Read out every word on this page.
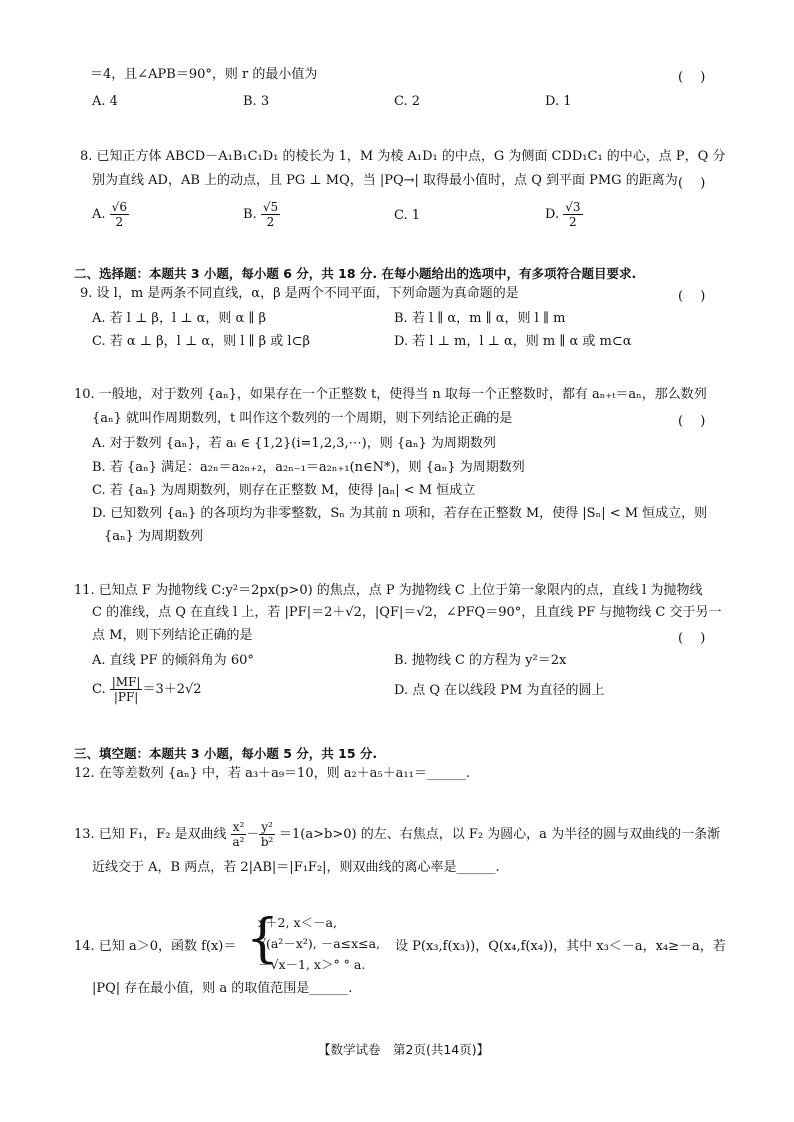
＝4，且∠APB＝90°，则 r 的最小值为	(　 )
A. 4	B. 3	C. 2	D. 1
8. 已知正方体 ABCD－A₁B₁C₁D₁ 的棱长为 1，M 为棱 A₁D₁ 的中点，G 为侧面 CDD₁C₁ 的中心，点 P，Q 分
别为直线 AD，AB 上的动点，且 PG ⊥ MQ，当 |PQ→| 取得最小值时，点 Q 到平面 PMG 的距离为 (　 )
A. $\frac{√6}{2}$	B. $\frac{√5}{2}$	C. 1	D. $\frac{√3}{2}$
二、选择题：本题共 3 小题，每小题 6 分，共 18 分. 在每小题给出的选项中，有多项符合题目要求.
9. 设 l，m 是两条不同直线，α，β 是两个不同平面，下列命题为真命题的是	(　 )
A. 若 l ⊥ β，l ⊥ α，则 α ∥ β	B. 若 l ∥ α，m ∥ α，则 l ∥ m
C. 若 α ⊥ β，l ⊥ α，则 l ∥ β 或 l⊂β	D. 若 l ⊥ m，l ⊥ α，则 m ∥ α 或 m⊂α
10. 一般地，对于数列 {aₙ}，如果存在一个正整数 t，使得当 n 取每一个正整数时，都有 aₙ₊ₜ＝aₙ，那么数列
{aₙ} 就叫作周期数列，t 叫作这个数列的一个周期，则下列结论正确的是	(　 )
A. 对于数列 {aₙ}，若 aᵢ ∈ {1,2}(i=1,2,3,⋯)，则 {aₙ} 为周期数列
B. 若 {aₙ} 满足：a₂ₙ＝a₂ₙ₊₂，a₂ₙ₋₁＝a₂ₙ₊₁(n∈N*)，则 {aₙ} 为周期数列
C. 若 {aₙ} 为周期数列，则存在正整数 M，使得 |aₙ| < M 恒成立
D. 已知数列 {aₙ} 的各项均为非零整数，Sₙ 为其前 n 项和，若存在正整数 M，使得 |Sₙ| < M 恒成立，则
{aₙ} 为周期数列
11. 已知点 F 为抛物线 C:y²＝2px(p>0) 的焦点，点 P 为抛物线 C 上位于第一象限内的点，直线 l 为抛物线
C 的准线，点 Q 在直线 l 上，若 |PF|＝2＋√2，|QF|＝√2，∠PFQ＝90°，且直线 PF 与抛物线 C 交于另一
点 M，则下列结论正确的是	(　 )
A. 直线 PF 的倾斜角为 60°	B. 抛物线 C 的方程为 y²＝2x
C. $\frac{|MF|}{|PF|} =3+2√2$	D. 点 Q 在以线段 PM 为直径的圆上
三、填空题：本题共 3 小题，每小题 5 分，共 15 分.
12. 在等差数列 {aₙ} 中，若 a₃＋a₉＝10，则 a₂＋a₅＋a₁₁＝______.
13. 已知 F₁，F₂ 是双曲线 $\frac{\text{x²}}{\text{a²}} - \frac{\text{y²}}{\text{b²}} =1(a>b>0)$ 的左、右焦点，以 F₂ 为圆心，a 为半径的圆与双曲线的一条渐
近线交于 A，B 两点，若 2|AB|＝|F₁F₂|，则双曲线的离心率是______.
14. 已知 a＞0，函数 f(x)＝ {
x＋2, x＜－a,
√(a²－x²), －a≤x≤a,
－√x－1, x＞° ° a.
设 P(x₃,f(x₃))，Q(x₄,f(x₄))，其中 x₃＜－a，x₄≥－a，若
|PQ| 存在最小值，则 a 的取值范围是______.
【数学试卷　第2页(共14页)】
